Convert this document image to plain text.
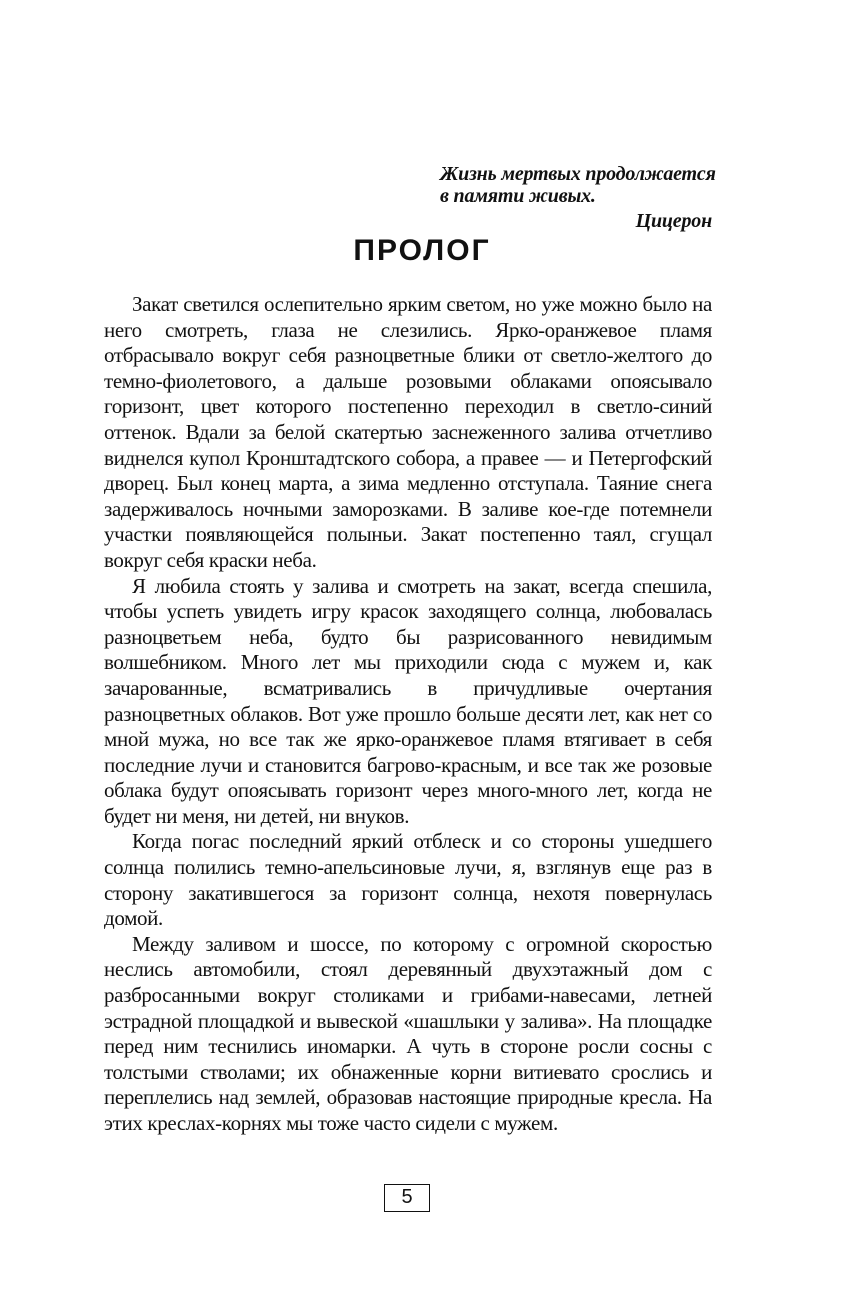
Жизнь мертвых продолжается
в памяти живых.
Цицерон
ПРОЛОГ

Закат светился ослепительно ярким светом, но уже можно было на него смотреть, глаза не слезились. Ярко-оранжевое пламя отбрасывало вокруг себя разноцветные блики от светло-желтого до темно-фиолетового, а дальше розовыми облаками опоясывало горизонт, цвет которого постепенно переходил в светло-синий оттенок. Вдали за белой скатертью заснеженного залива отчетливо виднелся купол Кронштадтского собора, а правее — и Петергофский дворец. Был конец марта, а зима медленно отступала. Таяние снега задерживалось ночными заморозками. В заливе кое-где потемнели участки появляющейся полыньи. Закат постепенно таял, сгущал вокруг себя краски неба.

Я любила стоять у залива и смотреть на закат, всегда спешила, чтобы успеть увидеть игру красок заходящего солнца, любовалась разноцветьем неба, будто бы разрисованного невидимым волшебником. Много лет мы приходили сюда с мужем и, как зачарованные, всматривались в причудливые очертания разноцветных облаков. Вот уже прошло больше десяти лет, как нет со мной мужа, но все так же ярко-оранжевое пламя втягивает в себя последние лучи и становится багрово-красным, и все так же розовые облака будут опоясывать горизонт через много-много лет, когда не будет ни меня, ни детей, ни внуков.

Когда погас последний яркий отблеск и со стороны ушедшего солнца полились темно-апельсиновые лучи, я, взглянув еще раз в сторону закатившегося за горизонт солнца, нехотя повернулась домой.

Между заливом и шоссе, по которому с огромной скоростью неслись автомобили, стоял деревянный двухэтажный дом с разбросанными вокруг столиками и грибами-навесами, летней эстрадной площадкой и вывеской «шашлыки у залива». На площадке перед ним теснились иномарки. А чуть в стороне росли сосны с толстыми стволами; их обнаженные корни витиевато срослись и переплелись над землей, образовав настоящие природные кресла. На этих креслах-корнях мы тоже часто сидели с мужем.

5
